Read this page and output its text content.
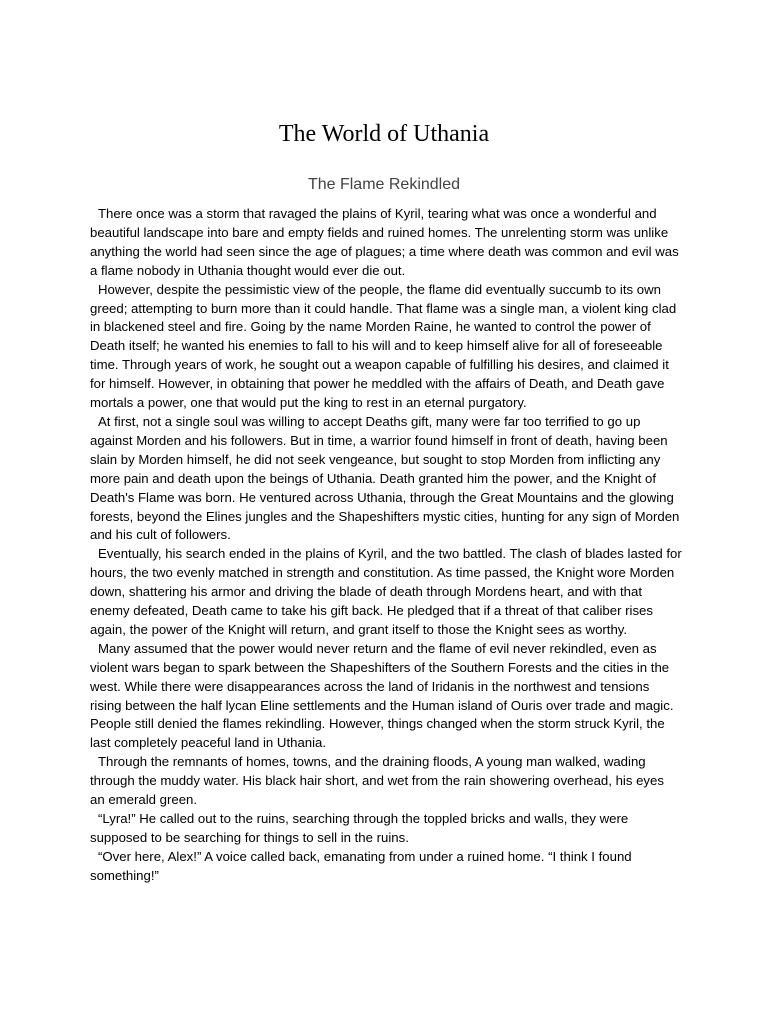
The World of Uthania
The Flame Rekindled

There once was a storm that ravaged the plains of Kyril, tearing what was once a wonderful and beautiful landscape into bare and empty fields and ruined homes. The unrelenting storm was unlike anything the world had seen since the age of plagues; a time where death was common and evil was a flame nobody in Uthania thought would ever die out.

However, despite the pessimistic view of the people, the flame did eventually succumb to its own greed; attempting to burn more than it could handle. That flame was a single man, a violent king clad in blackened steel and fire. Going by the name Morden Raine, he wanted to control the power of Death itself; he wanted his enemies to fall to his will and to keep himself alive for all of foreseeable time. Through years of work, he sought out a weapon capable of fulfilling his desires, and claimed it for himself. However, in obtaining that power he meddled with the affairs of Death, and Death gave mortals a power, one that would put the king to rest in an eternal purgatory.

At first, not a single soul was willing to accept Deaths gift, many were far too terrified to go up against Morden and his followers. But in time, a warrior found himself in front of death, having been slain by Morden himself, he did not seek vengeance, but sought to stop Morden from inflicting any more pain and death upon the beings of Uthania. Death granted him the power, and the Knight of Death's Flame was born. He ventured across Uthania, through the Great Mountains and the glowing forests, beyond the Elines jungles and the Shapeshifters mystic cities, hunting for any sign of Morden and his cult of followers.

Eventually, his search ended in the plains of Kyril, and the two battled. The clash of blades lasted for hours, the two evenly matched in strength and constitution. As time passed, the Knight wore Morden down, shattering his armor and driving the blade of death through Mordens heart, and with that enemy defeated, Death came to take his gift back. He pledged that if a threat of that caliber rises again, the power of the Knight will return, and grant itself to those the Knight sees as worthy.

Many assumed that the power would never return and the flame of evil never rekindled, even as violent wars began to spark between the Shapeshifters of the Southern Forests and the cities in the west. While there were disappearances across the land of Iridanis in the northwest and tensions rising between the half lycan Eline settlements and the Human island of Ouris over trade and magic. People still denied the flames rekindling. However, things changed when the storm struck Kyril, the last completely peaceful land in Uthania.

Through the remnants of homes, towns, and the draining floods, A young man walked, wading through the muddy water. His black hair short, and wet from the rain showering overhead, his eyes an emerald green.

“Lyra!” He called out to the ruins, searching through the toppled bricks and walls, they were supposed to be searching for things to sell in the ruins.

“Over here, Alex!” A voice called back, emanating from under a ruined home. “I think I found something!”
